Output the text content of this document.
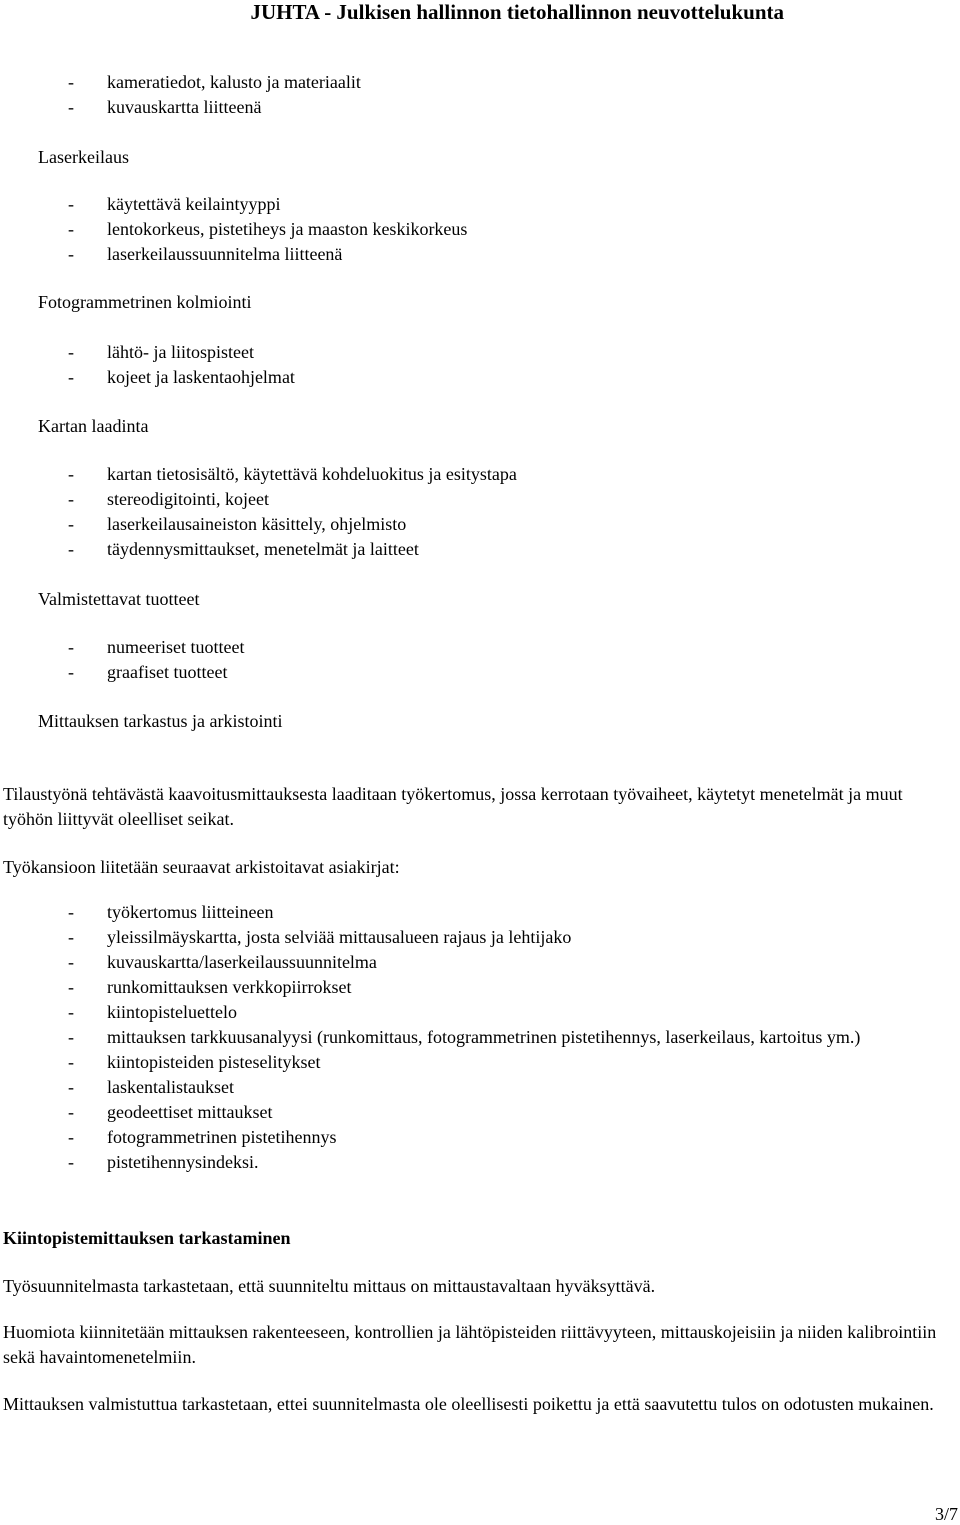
JUHTA - Julkisen hallinnon tietohallinnon neuvottelukunta
- kameratiedot, kalusto ja materiaalit
- kuvauskartta liitteenä
Laserkeilaus
- käytettävä keilaintyyppi
- lentokorkeus, pistetiheys ja maaston keskikorkeus
- laserkeilaussuunnitelma liitteenä
Fotogrammetrinen kolmiointi
- lähtö- ja liitospisteet
- kojeet ja laskentaohjelmat
Kartan laadinta
- kartan tietosisältö, käytettävä kohdeluokitus ja esitystapa
- stereodigitointi, kojeet
- laserkeilausaineiston käsittely, ohjelmisto
- täydennysmittaukset, menetelmät ja laitteet
Valmistettavat tuotteet
- numeeriset tuotteet
- graafiset tuotteet
Mittauksen tarkastus ja arkistointi
Tilaustyönä tehtävästä kaavoitusmittauksesta laaditaan työkertomus, jossa kerrotaan työvaiheet, käytetyt menetelmät ja muut työhön liittyvät oleelliset seikat.
Työkansioon liitetään seuraavat arkistoitavat asiakirjat:
- työkertomus liitteineen
- yleissilmäyskartta, josta selviää mittausalueen rajaus ja lehtijako
- kuvauskartta/laserkeilaussuunnitelma
- runkomittauksen verkkopiirrokset
- kiintopisteluettelo
- mittauksen tarkkuusanalyysi (runkomittaus, fotogrammetrinen pistetihennys, laserkeilaus, kartoitus ym.)
- kiintopisteiden pisteselitykset
- laskentalistaukset
- geodeettiset mittaukset
- fotogrammetrinen pistetihennys
- pistetihennysindeksi.
Kiintopistemittauksen tarkastaminen
Työsuunnitelmasta tarkastetaan, että suunniteltu mittaus on mittaustavaltaan hyväksyttävä.
Huomiota kiinnitetään mittauksen rakenteeseen, kontrollien ja lähtöpisteiden riittävyyteen, mittauskojeisiin ja niiden kalibrointiin sekä havaintomenetelmiin.
Mittauksen valmistuttua tarkastetaan, ettei suunnitelmasta ole oleellisesti poikettu ja että saavutettu tulos on odotusten mukainen.
3/7
